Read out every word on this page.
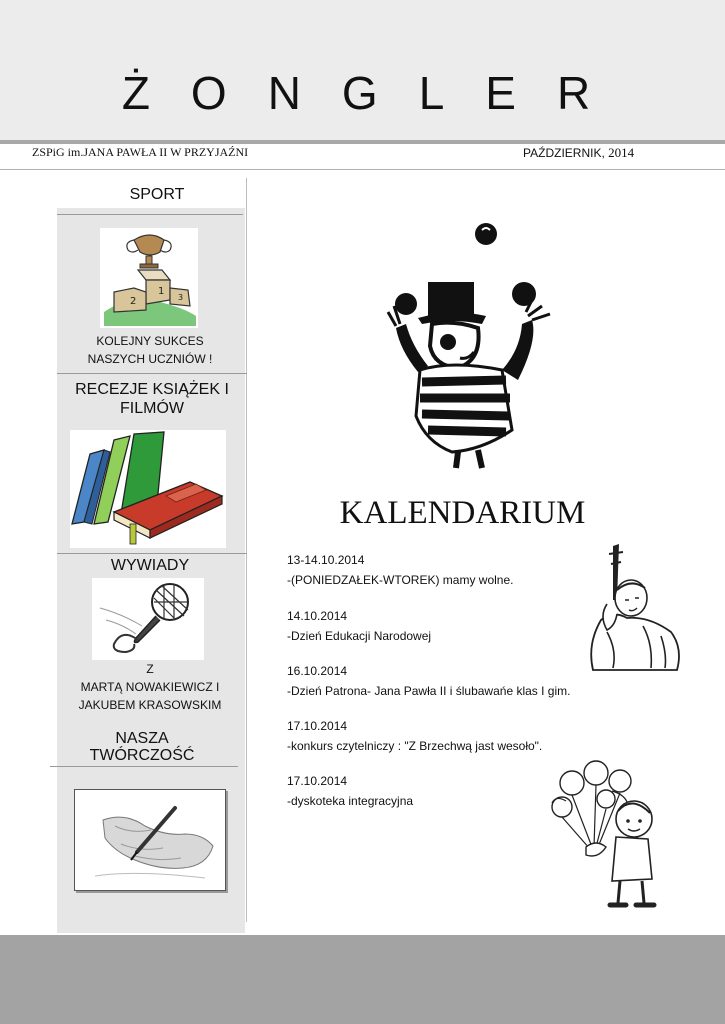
ŻONGLER
ZSPiG im.JANA PAWŁA II W PRZYJAŹNI	PAŹDZIERNIK, 2014
SPORT
1
2	3
KOLEJNY SUKCES
NASZYCH UCZNIÓW !
RECEZJE KSIĄŻEK I
FILMÓW
WYWIADY
Z
MARTĄ NOWAKIEWICZ I
JAKUBEM KRASOWSKIM
NASZA
TWÓRCZOŚĆ
KALENDARIUM
13-14.10.2014
-(PONIEDZAŁEK-WTOREK) mamy wolne.
14.10.2014
-Dzień Edukacji Narodowej
16.10.2014
-Dzień Patrona- Jana Pawła II i ślubawańe klas I gim.
17.10.2014
-konkurs czytelniczy : "Z Brzechwą jast wesoło".
17.10.2014
-dyskoteka integracyjna
